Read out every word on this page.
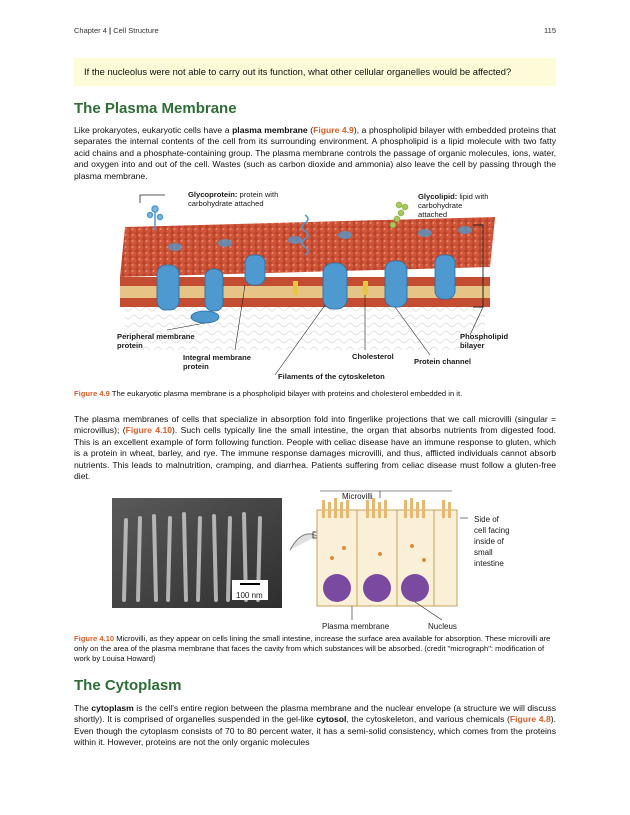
Chapter 4 | Cell Structure	115
If the nucleolus were not able to carry out its function, what other cellular organelles would be affected?
The Plasma Membrane

Like prokaryotes, eukaryotic cells have a plasma membrane (Figure 4.9), a phospholipid bilayer with embedded proteins that separates the internal contents of the cell from its surrounding environment. A phospholipid is a lipid molecule with two fatty acid chains and a phosphate-containing group. The plasma membrane controls the passage of organic molecules, ions, water, and oxygen into and out of the cell. Wastes (such as carbon dioxide and ammonia) also leave the cell by passing through the plasma membrane.

Glycoprotein: protein with
carbohydrate attached
Glycolipid: lipid with
carbohydrate
attached
Peripheral membrane
protein
Integral membrane
protein
Cholesterol
Protein channel
Phospholipid
bilayer
Filaments of the cytoskeleton

Figure 4.9 The eukaryotic plasma membrane is a phospholipid bilayer with proteins and cholesterol embedded in it.

The plasma membranes of cells that specialize in absorption fold into fingerlike projections that we call microvilli (singular = microvillus); (Figure 4.10). Such cells typically line the small intestine, the organ that absorbs nutrients from digested food. This is an excellent example of form following function. People with celiac disease have an immune response to gluten, which is a protein in wheat, barley, and rye. The immune response damages microvilli, and thus, afflicted individuals cannot absorb nutrients. This leads to malnutrition, cramping, and diarrhea. Patients suffering from celiac disease must follow a gluten-free diet.

Microvilli
Side of
cell facing
inside of
small
intestine
100 nm
Plasma membrane	Nucleus

Figure 4.10 Microvilli, as they appear on cells lining the small intestine, increase the surface area available for absorption. These microvilli are only on the area of the plasma membrane that faces the cavity from which substances will be absorbed. (credit "micrograph": modification of work by Louisa Howard)

The Cytoplasm

The cytoplasm is the cell's entire region between the plasma membrane and the nuclear envelope (a structure we will discuss shortly). It is comprised of organelles suspended in the gel-like cytosol, the cytoskeleton, and various chemicals (Figure 4.8). Even though the cytoplasm consists of 70 to 80 percent water, it has a semi-solid consistency, which comes from the proteins within it. However, proteins are not the only organic molecules
